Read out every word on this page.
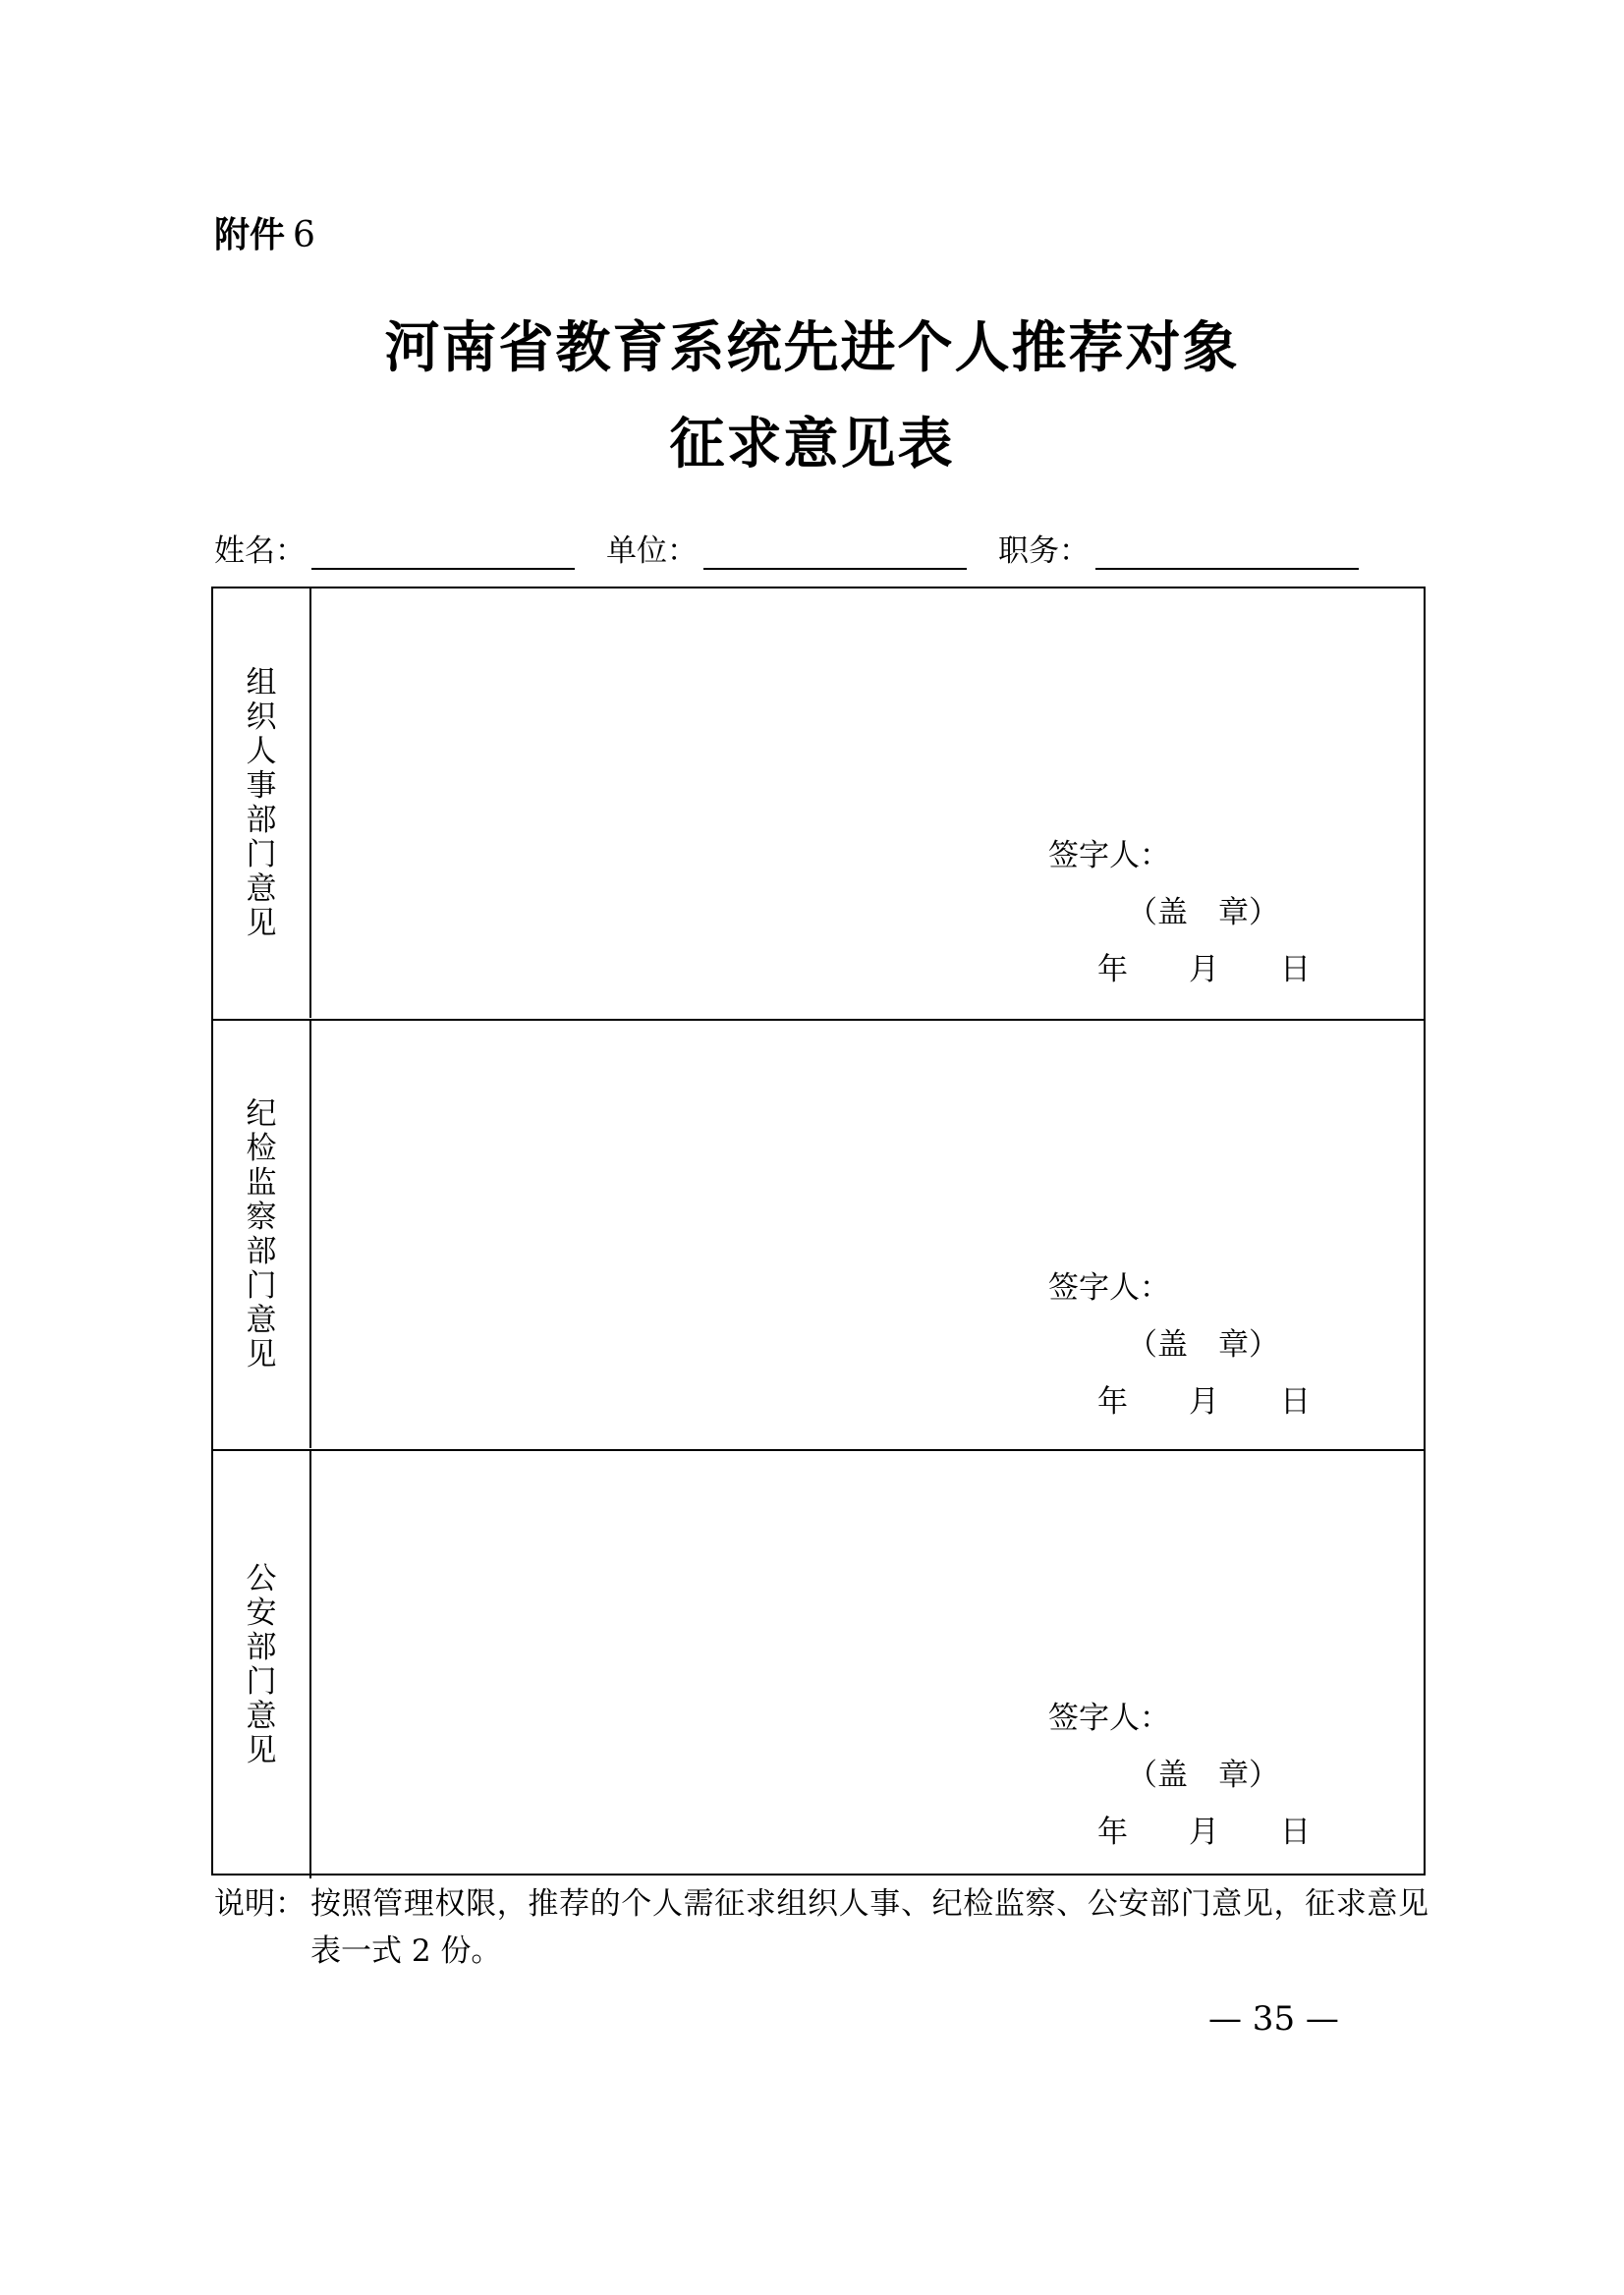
附件 6
河南省教育系统先进个人推荐对象
征求意见表
姓名：	单位：	职务：
组织人事部门意见
签字人：
（盖　章）
年　　月　　日
纪检监察部门意见
签字人：
（盖　章）
年　　月　　日
公安部门意见
签字人：
（盖　章）
年　　月　　日
说明： 按照管理权限，推荐的个人需征求组织人事、纪检监察、公安部门意见，征求意见表一式 2 份。
— 35 —
